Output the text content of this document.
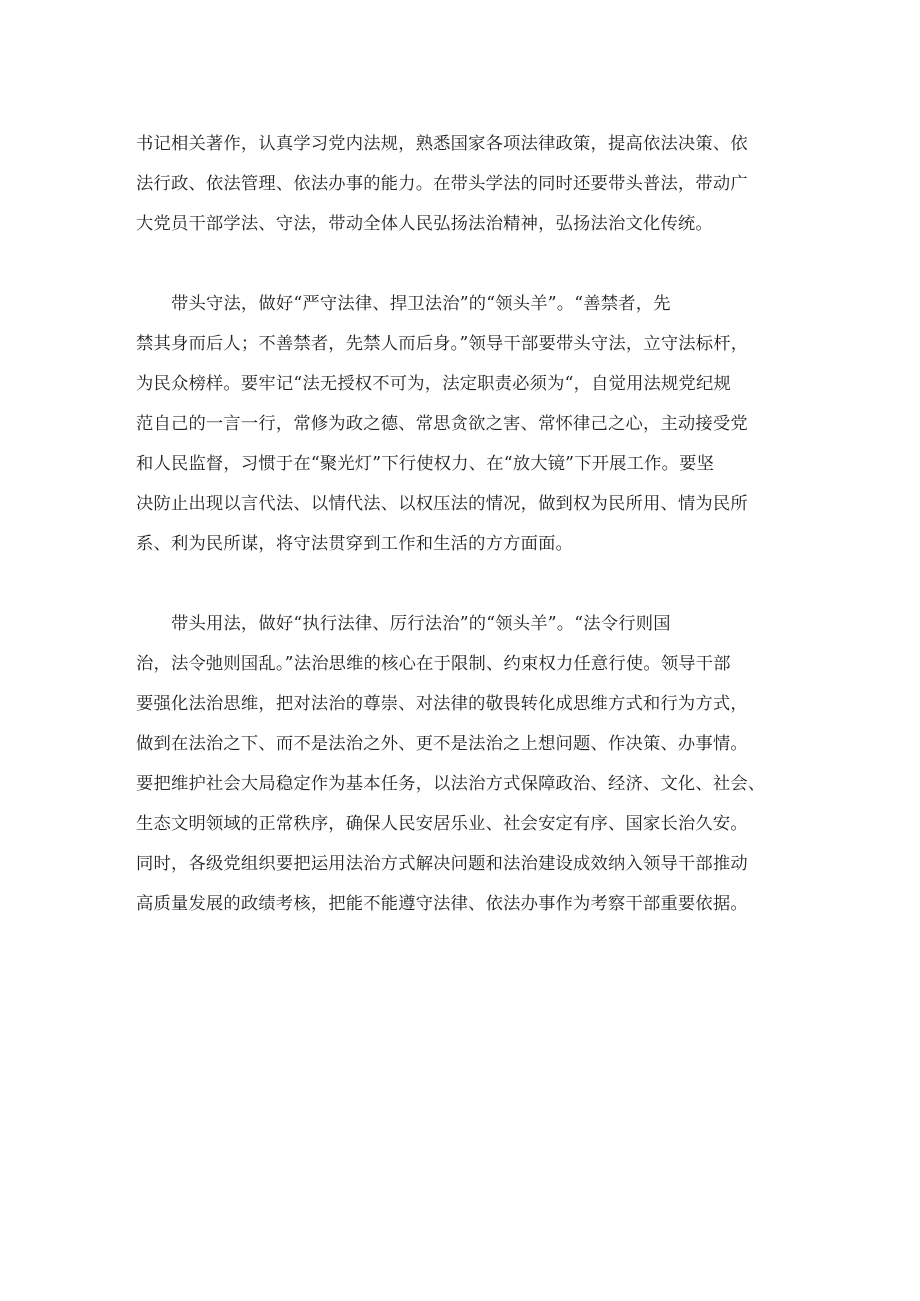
书记相关著作，认真学习党内法规，熟悉国家各项法律政策，提高依法决策、依
法行政、依法管理、依法办事的能力。在带头学法的同时还要带头普法，带动广
大党员干部学法、守法，带动全体人民弘扬法治精神，弘扬法治文化传统。

带头守法，做好“严守法律、捍卫法治”的“领头羊”。“善禁者，先
禁其身而后人；不善禁者，先禁人而后身。”领导干部要带头守法，立守法标杆，
为民众榜样。要牢记“法无授权不可为，法定职责必须为“，自觉用法规党纪规
范自己的一言一行，常修为政之德、常思贪欲之害、常怀律己之心，主动接受党
和人民监督，习惯于在“聚光灯”下行使权力、在“放大镜”下开展工作。要坚
决防止出现以言代法、以情代法、以权压法的情况，做到权为民所用、情为民所
系、利为民所谋，将守法贯穿到工作和生活的方方面面。

带头用法，做好“执行法律、厉行法治”的“领头羊”。“法令行则国
治，法令弛则国乱。”法治思维的核心在于限制、约束权力任意行使。领导干部
要强化法治思维，把对法治的尊崇、对法律的敬畏转化成思维方式和行为方式，
做到在法治之下、而不是法治之外、更不是法治之上想问题、作决策、办事情。
要把维护社会大局稳定作为基本任务，以法治方式保障政治、经济、文化、社会、
生态文明领域的正常秩序，确保人民安居乐业、社会安定有序、国家长治久安。
同时，各级党组织要把运用法治方式解决问题和法治建设成效纳入领导干部推动
高质量发展的政绩考核，把能不能遵守法律、依法办事作为考察干部重要依据。
